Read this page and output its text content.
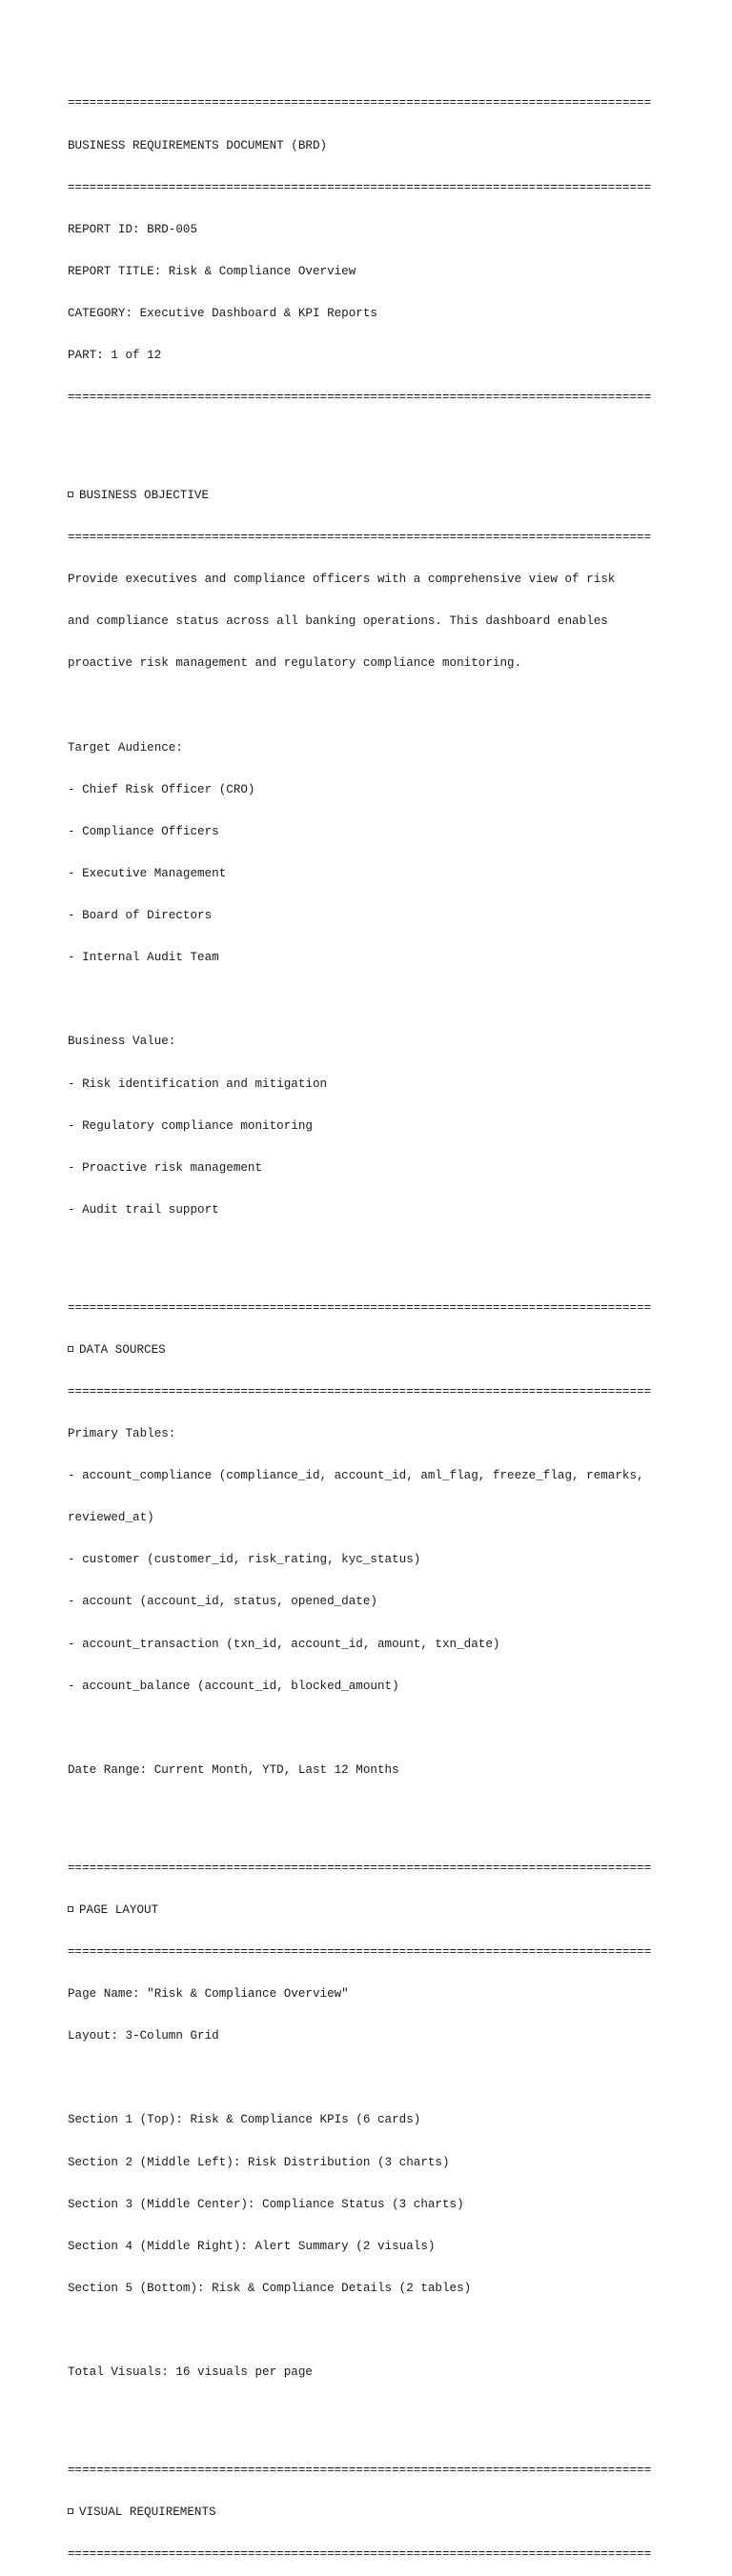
=================================================================================

BUSINESS REQUIREMENTS DOCUMENT (BRD)

=================================================================================

REPORT ID: BRD-005

REPORT TITLE: Risk & Compliance Overview

CATEGORY: Executive Dashboard & KPI Reports

PART: 1 of 12

=================================================================================

BUSINESS OBJECTIVE

=================================================================================

Provide executives and compliance officers with a comprehensive view of risk

and compliance status across all banking operations. This dashboard enables

proactive risk management and regulatory compliance monitoring.

Target Audience:

- Chief Risk Officer (CRO)

- Compliance Officers

- Executive Management

- Board of Directors

- Internal Audit Team

Business Value:

- Risk identification and mitigation

- Regulatory compliance monitoring

- Proactive risk management

- Audit trail support

=================================================================================

DATA SOURCES

=================================================================================

Primary Tables:

- account_compliance (compliance_id, account_id, aml_flag, freeze_flag, remarks,

reviewed_at)

- customer (customer_id, risk_rating, kyc_status)

- account (account_id, status, opened_date)

- account_transaction (txn_id, account_id, amount, txn_date)

- account_balance (account_id, blocked_amount)

Date Range: Current Month, YTD, Last 12 Months

=================================================================================

PAGE LAYOUT

=================================================================================

Page Name: "Risk & Compliance Overview"

Layout: 3-Column Grid

Section 1 (Top): Risk & Compliance KPIs (6 cards)

Section 2 (Middle Left): Risk Distribution (3 charts)

Section 3 (Middle Center): Compliance Status (3 charts)

Section 4 (Middle Right): Alert Summary (2 visuals)

Section 5 (Bottom): Risk & Compliance Details (2 tables)

Total Visuals: 16 visuals per page

=================================================================================

VISUAL REQUIREMENTS

=================================================================================
